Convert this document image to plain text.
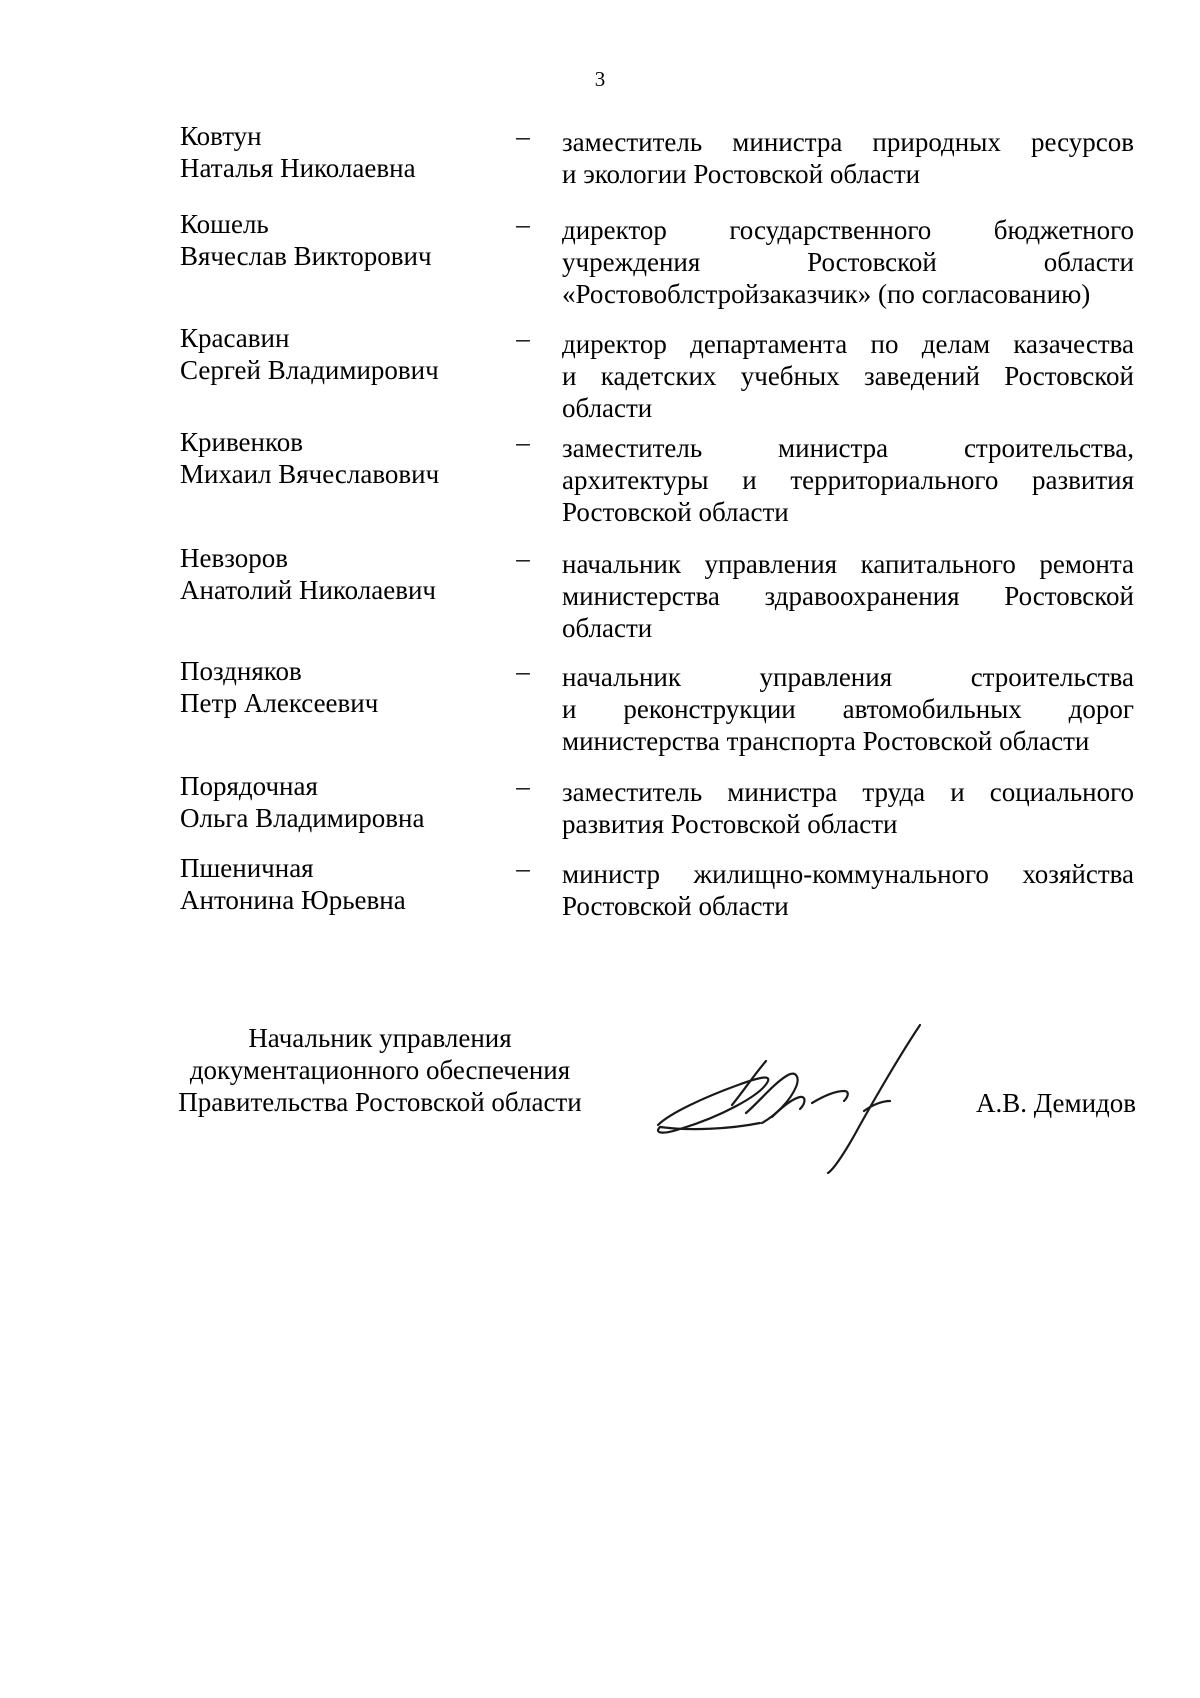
3
Ковтун
Наталья Николаевна
– заместитель министра природных ресурсов
и экологии Ростовской области
Кошель
Вячеслав Викторович
– директор государственного бюджетного
учреждения Ростовской области
«Ростовоблстройзаказчик» (по согласованию)
Красавин
Сергей Владимирович
– директор департамента по делам казачества
и кадетских учебных заведений Ростовской
области
Кривенков
Михаил Вячеславович
– заместитель министра строительства,
архитектуры и территориального развития
Ростовской области
Невзоров
Анатолий Николаевич
– начальник управления капитального ремонта
министерства здравоохранения Ростовской
области
Поздняков
Петр Алексеевич
– начальник управления строительства
и реконструкции автомобильных дорог
министерства транспорта Ростовской области
Порядочная
Ольга Владимировна
– заместитель министра труда и социального
развития Ростовской области
Пшеничная
Антонина Юрьевна
– министр жилищно-коммунального хозяйства
Ростовской области
Начальник управления
документационного обеспечения
Правительства Ростовской области	А.В. Демидов
